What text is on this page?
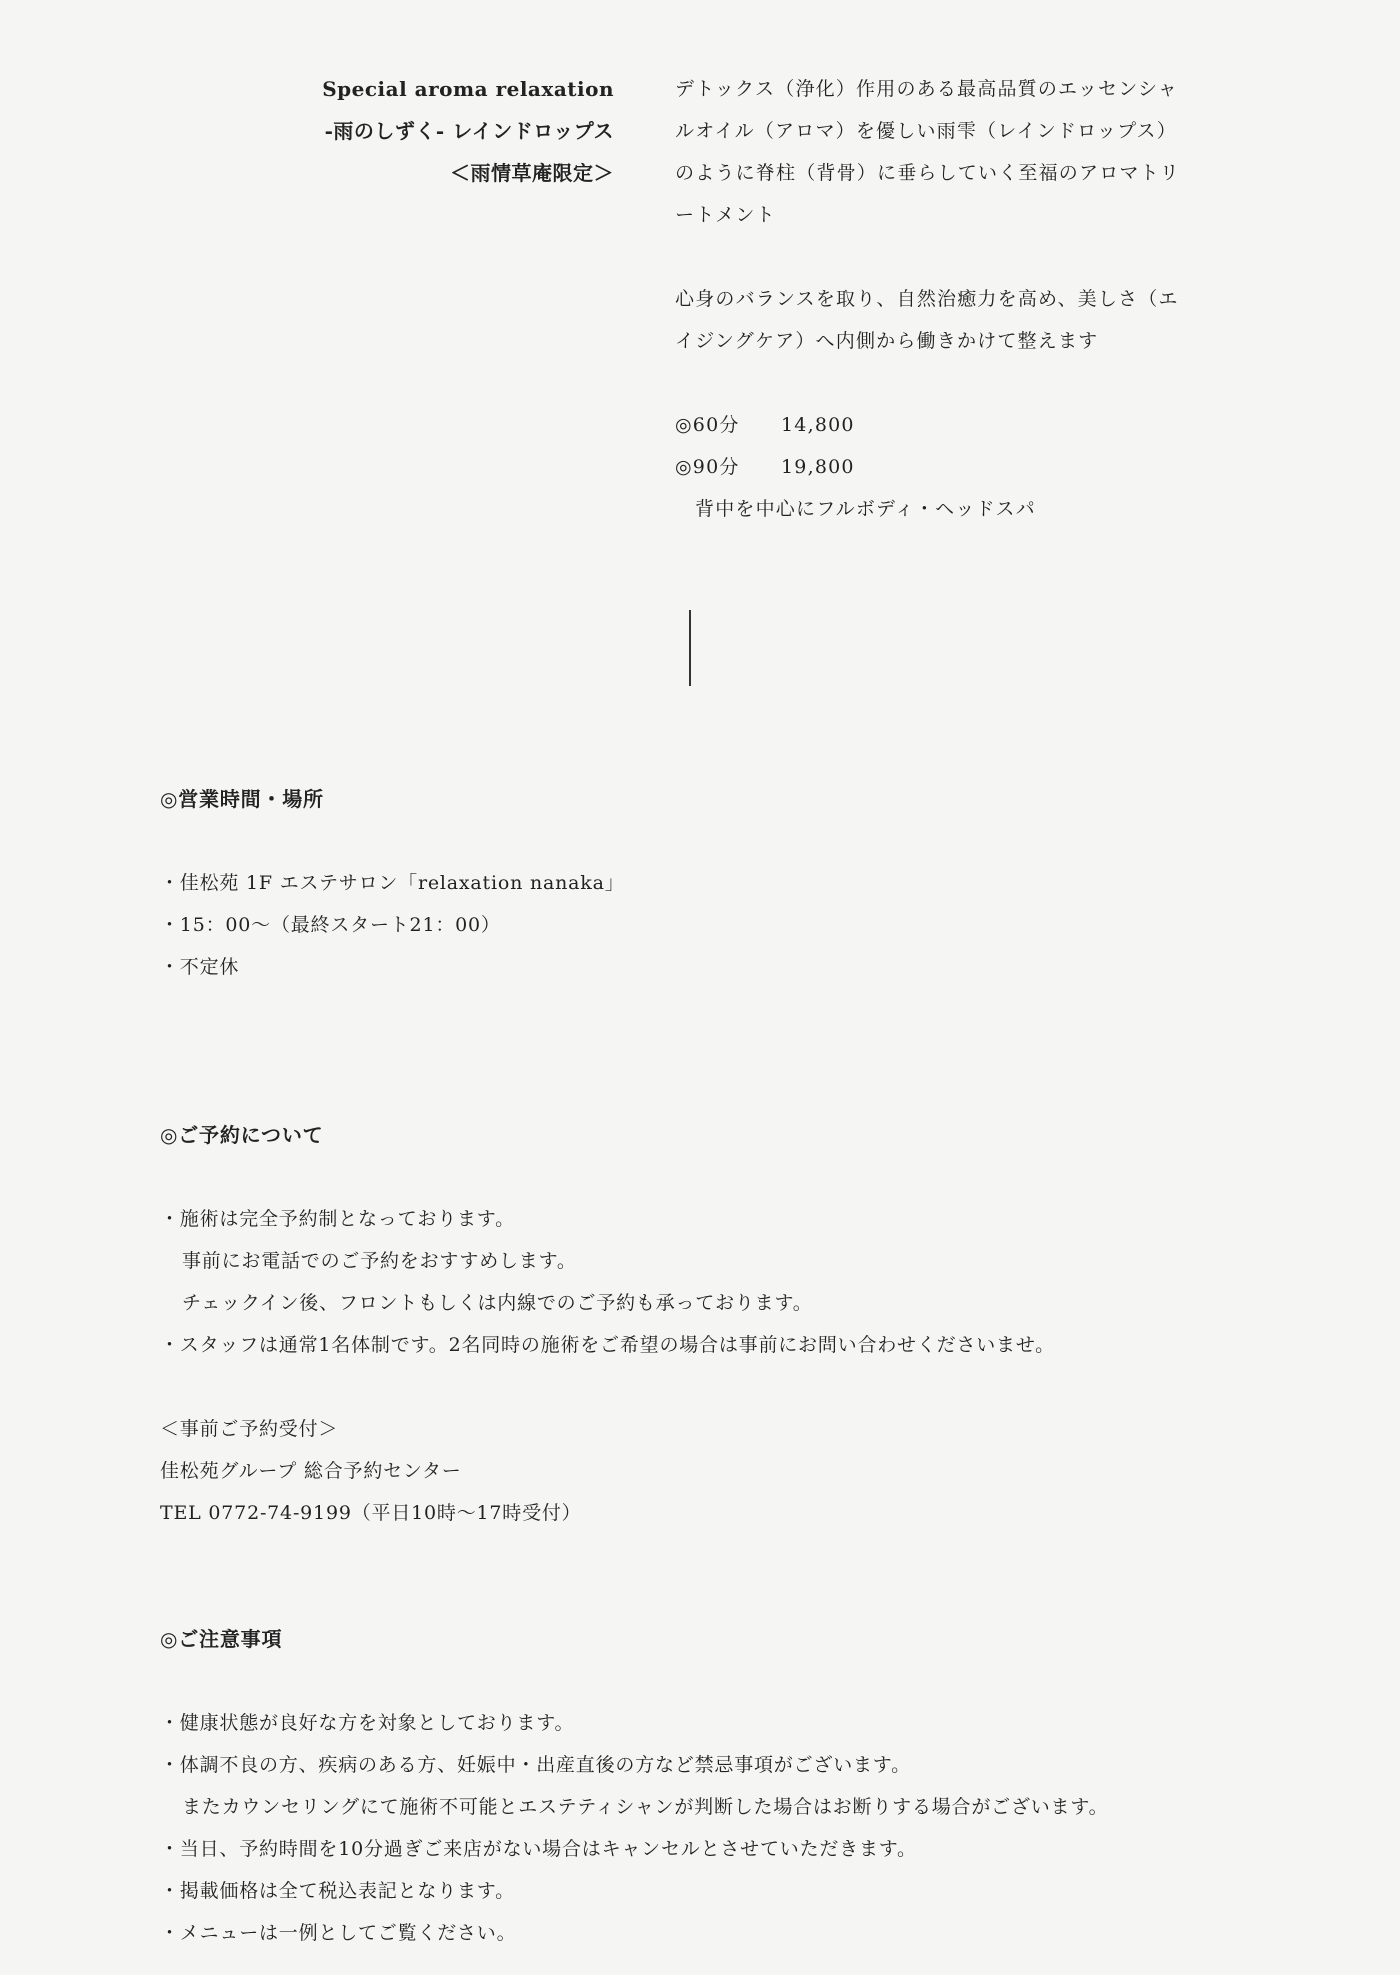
Special aroma relaxation
-雨のしずく- レインドロップス
＜雨情草庵限定＞
デトックス（浄化）作用のある最高品質のエッセンシャ
ルオイル（アロマ）を優しい雨雫（レインドロップス）
のように脊柱（背骨）に垂らしていく至福のアロマトリ
ートメント
心身のバランスを取り、自然治癒力を高め、美しさ（エ
イジングケア）へ内側から働きかけて整えます
◎60分	14,800
◎90分	19,800
背中を中心にフルボディ・ヘッドスパ
◎営業時間・場所
・佳松苑 1F エステサロン「relaxation nanaka」
・15：00〜（最終スタート21：00）
・不定休
◎ご予約について
・施術は完全予約制となっております。
事前にお電話でのご予約をおすすめします。
チェックイン後、フロントもしくは内線でのご予約も承っております。
・スタッフは通常1名体制です。2名同時の施術をご希望の場合は事前にお問い合わせくださいませ。
＜事前ご予約受付＞
佳松苑グループ 総合予約センター
TEL 0772-74-9199（平日10時〜17時受付）
◎ご注意事項
・健康状態が良好な方を対象としております。
・体調不良の方、疾病のある方、妊娠中・出産直後の方など禁忌事項がございます。
またカウンセリングにて施術不可能とエステティシャンが判断した場合はお断りする場合がございます。
・当日、予約時間を10分過ぎご来店がない場合はキャンセルとさせていただきます。
・掲載価格は全て税込表記となります。
・メニューは一例としてご覧ください。
